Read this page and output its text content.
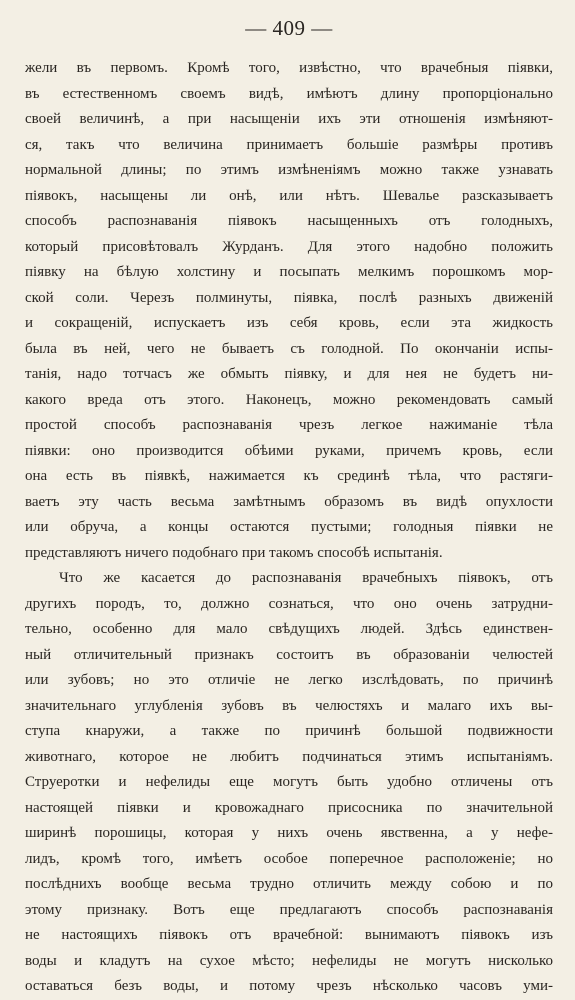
— 409 —
жели въ первомъ. Кромѣ того, извѣстно, что врачебныя піявки,
въ естественномъ своемъ видѣ, имѣютъ длину пропорціонально
своей величинѣ, а при насыщеніи ихъ эти отношенія измѣняют-
ся, такъ что величина принимаетъ большіе размѣры противъ
нормальной длины; по этимъ измѣненіямъ можно также узнавать
піявокъ, насыщены ли онѣ, или нѣтъ. Шевалье разсказываетъ
способъ распознаванія піявокъ насыщенныхъ отъ голодныхъ,
который присовѣтовалъ Журданъ. Для этого надобно положить
піявку на бѣлую холстину и посыпать мелкимъ порошкомъ мор-
ской соли. Черезъ полминуты, піявка, послѣ разныхъ движеній
и сокращеній, испускаетъ изъ себя кровь, если эта жидкость
была въ ней, чего не бываетъ съ голодной. По окончаніи испы-
танія, надо тотчасъ же обмыть піявку, и для нея не будетъ ни-
какого вреда отъ этого. Наконецъ, можно рекомендовать самый
простой способъ распознаванія чрезъ легкое нажиманіе тѣла
піявки: оно производится обѣими руками, причемъ кровь, если
она есть въ піявкѣ, нажимается къ срединѣ тѣла, что растяги-
ваетъ эту часть весьма замѣтнымъ образомъ въ видѣ опухлости
или обруча, а концы остаются пустыми; голодныя піявки не
представляютъ ничего подобнаго при такомъ способѣ испытанія.
Что же касается до распознаванія врачебныхъ піявокъ, отъ
другихъ породъ, то, должно сознаться, что оно очень затрудни-
тельно, особенно для мало свѣдущихъ людей. Здѣсь единствен-
ный отличительный признакъ состоитъ въ образованіи челюстей
или зубовъ; но это отличіе не легко изслѣдовать, по причинѣ
значительнаго углубленія зубовъ въ челюстяхъ и малаго ихъ вы-
ступа кнаружи, а также по причинѣ большой подвижности
животнаго, которое не любитъ подчинаться этимъ испытаніямъ.
Струеротки и нефелиды еще могутъ быть удобно отличены отъ
настоящей піявки и кровожаднаго присосника по значительной
ширинѣ порошицы, которая у нихъ очень явственна, а у нефе-
лидъ, кромѣ того, имѣетъ особое поперечное расположеніе; но
послѣднихъ вообще весьма трудно отличить между собою и по
этому признаку. Вотъ еще предлагаютъ способъ распознаванія
не настоящихъ піявокъ отъ врачебной: вынимаютъ піявокъ изъ
воды и кладутъ на сухое мѣсто; нефелиды не могутъ нисколько
оставаться безъ воды, и потому чрезъ нѣсколько часовъ уми-
